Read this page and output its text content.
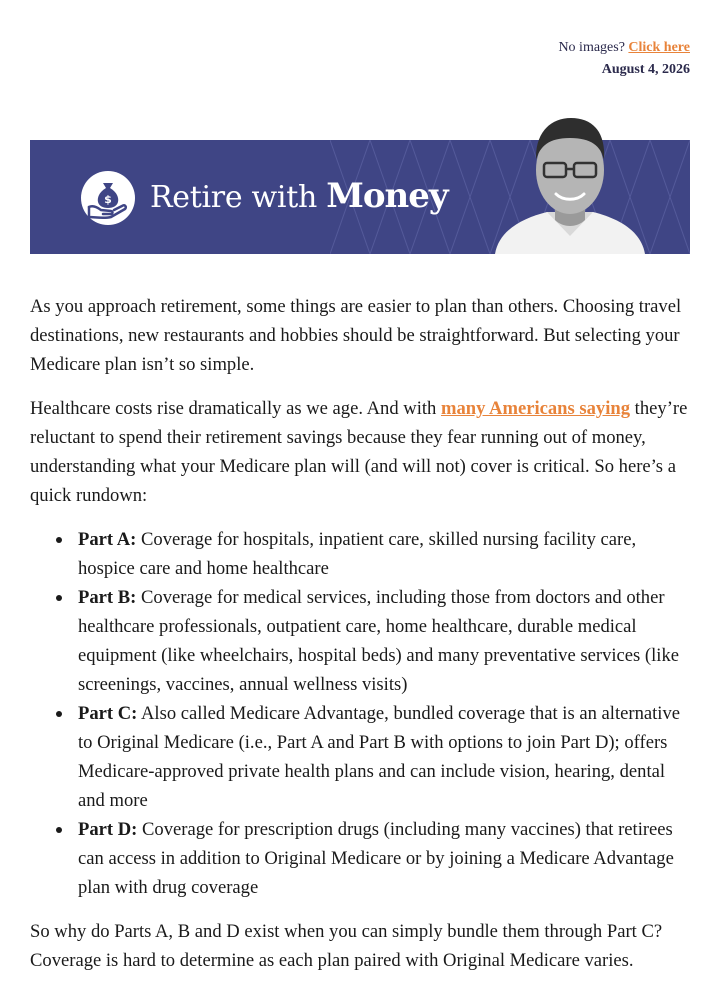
No images? Click here
August 4, 2026
$ Retire with Money

As you approach retirement, some things are easier to plan than others. Choosing travel destinations, new restaurants and hobbies should be straightforward. But selecting your Medicare plan isn’t so simple.

Healthcare costs rise dramatically as we age. And with many Americans saying they’re reluctant to spend their retirement savings because they fear running out of money, understanding what your Medicare plan will (and will not) cover is critical. So here’s a quick rundown:

Part A: Coverage for hospitals, inpatient care, skilled nursing facility care, hospice care and home healthcare
Part B: Coverage for medical services, including those from doctors and other healthcare professionals, outpatient care, home healthcare, durable medical equipment (like wheelchairs, hospital beds) and many preventative services (like screenings, vaccines, annual wellness visits)
Part C: Also called Medicare Advantage, bundled coverage that is an alternative to Original Medicare (i.e., Part A and Part B with options to join Part D); offers Medicare-approved private health plans and can include vision, hearing, dental and more
Part D: Coverage for prescription drugs (including many vaccines) that retirees can access in addition to Original Medicare or by joining a Medicare Advantage plan with drug coverage

So why do Parts A, B and D exist when you can simply bundle them through Part C? Coverage is hard to determine as each plan paired with Original Medicare varies.
